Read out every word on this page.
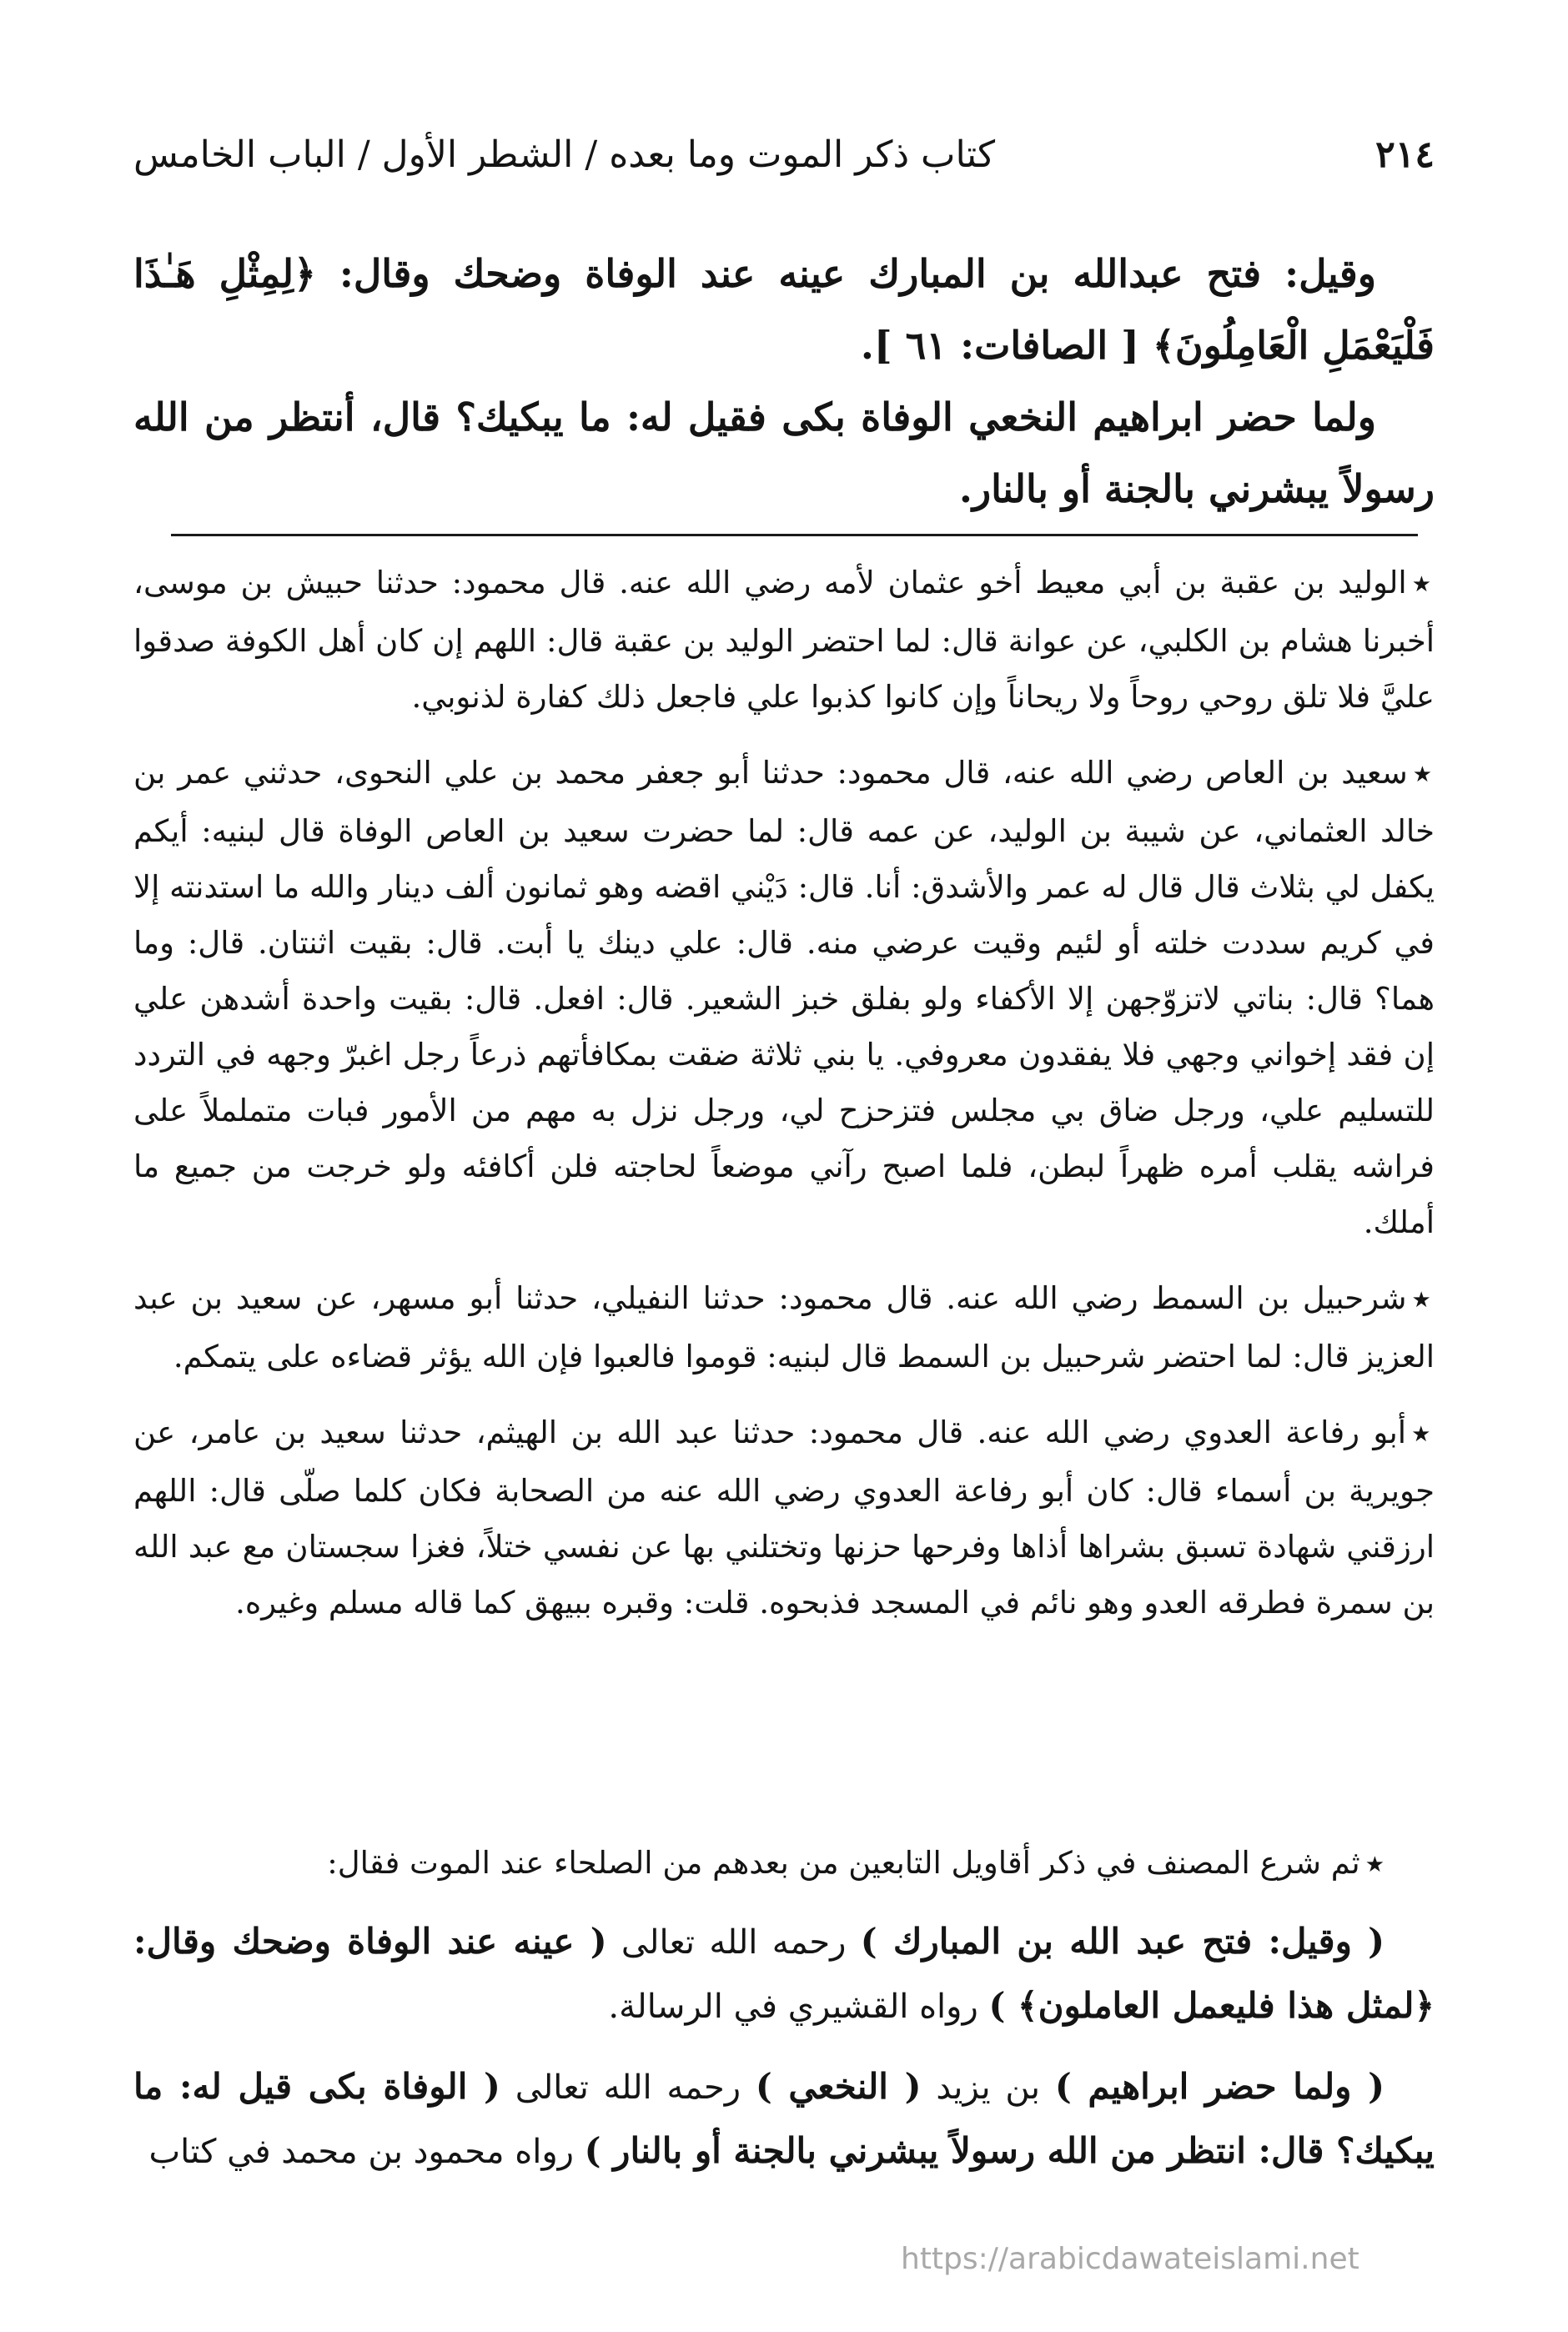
٢١٤
كتاب ذكر الموت وما بعده / الشطر الأول / الباب الخامس

وقيل: فتح عبدالله بن المبارك عينه عند الوفاة وضحك وقال: ﴿لِمِثْلِ هَـٰذَا فَلْيَعْمَلِ الْعَامِلُونَ﴾ [ الصافات: ٦١ ].

ولما حضر ابراهيم النخعي الوفاة بكى فقيل له: ما يبكيك؟ قال، أنتظر من الله رسولاً يبشرني بالجنة أو بالنار.

★الوليد بن عقبة بن أبي معيط أخو عثمان لأمه رضي الله عنه. قال محمود: حدثنا حبيش بن موسى، أخبرنا هشام بن الكلبي، عن عوانة قال: لما احتضر الوليد بن عقبة قال: اللهم إن كان أهل الكوفة صدقوا عليَّ فلا تلق روحي روحاً ولا ريحاناً وإن كانوا كذبوا علي فاجعل ذلك كفارة لذنوبي.

★سعيد بن العاص رضي الله عنه، قال محمود: حدثنا أبو جعفر محمد بن علي النحوى، حدثني عمر بن خالد العثماني، عن شيبة بن الوليد، عن عمه قال: لما حضرت سعيد بن العاص الوفاة قال لبنيه: أيكم يكفل لي بثلاث قال قال له عمر والأشدق: أنا. قال: دَيْني اقضه وهو ثمانون ألف دينار والله ما استدنته إلا في كريم سددت خلته أو لئيم وقيت عرضي منه. قال: علي دينك يا أبت. قال: بقيت اثنتان. قال: وما هما؟ قال: بناتي لاتزوّجهن إلا الأكفاء ولو بفلق خبز الشعير. قال: افعل. قال: بقيت واحدة أشدهن علي إن فقد إخواني وجهي فلا يفقدون معروفي. يا بني ثلاثة ضقت بمكافأتهم ذرعاً رجل اغبرّ وجهه في التردد للتسليم علي، ورجل ضاق بي مجلس فتزحزح لي، ورجل نزل به مهم من الأمور فبات متململاً على فراشه يقلب أمره ظهراً لبطن، فلما اصبح رآني موضعاً لحاجته فلن أكافئه ولو خرجت من جميع ما أملك.

★شرحبيل بن السمط رضي الله عنه. قال محمود: حدثنا النفيلي، حدثنا أبو مسهر، عن سعيد بن عبد العزيز قال: لما احتضر شرحبيل بن السمط قال لبنيه: قوموا فالعبوا فإن الله يؤثر قضاءه على يتمكم.

★أبو رفاعة العدوي رضي الله عنه. قال محمود: حدثنا عبد الله بن الهيثم، حدثنا سعيد بن عامر، عن جويرية بن أسماء قال: كان أبو رفاعة العدوي رضي الله عنه من الصحابة فكان كلما صلّى قال: اللهم ارزقني شهادة تسبق بشراها أذاها وفرحها حزنها وتختلني بها عن نفسي ختلاً، فغزا سجستان مع عبد الله بن سمرة فطرقه العدو وهو نائم في المسجد فذبحوه. قلت: وقبره ببيهق كما قاله مسلم وغيره.

★ثم شرع المصنف في ذكر أقاويل التابعين من بعدهم من الصلحاء عند الموت فقال:

( وقيل: فتح عبد الله بن المبارك ) رحمه الله تعالى ( عينه عند الوفاة وضحك وقال: ﴿لمثل هذا فليعمل العاملون﴾ ) رواه القشيري في الرسالة.

( ولما حضر ابراهيم ) بن يزيد ( النخعي ) رحمه الله تعالى ( الوفاة بكى قيل له: ما يبكيك؟ قال: انتظر من الله رسولاً يبشرني بالجنة أو بالنار ) رواه محمود بن محمد في كتاب

https://arabicdawateislami.net
